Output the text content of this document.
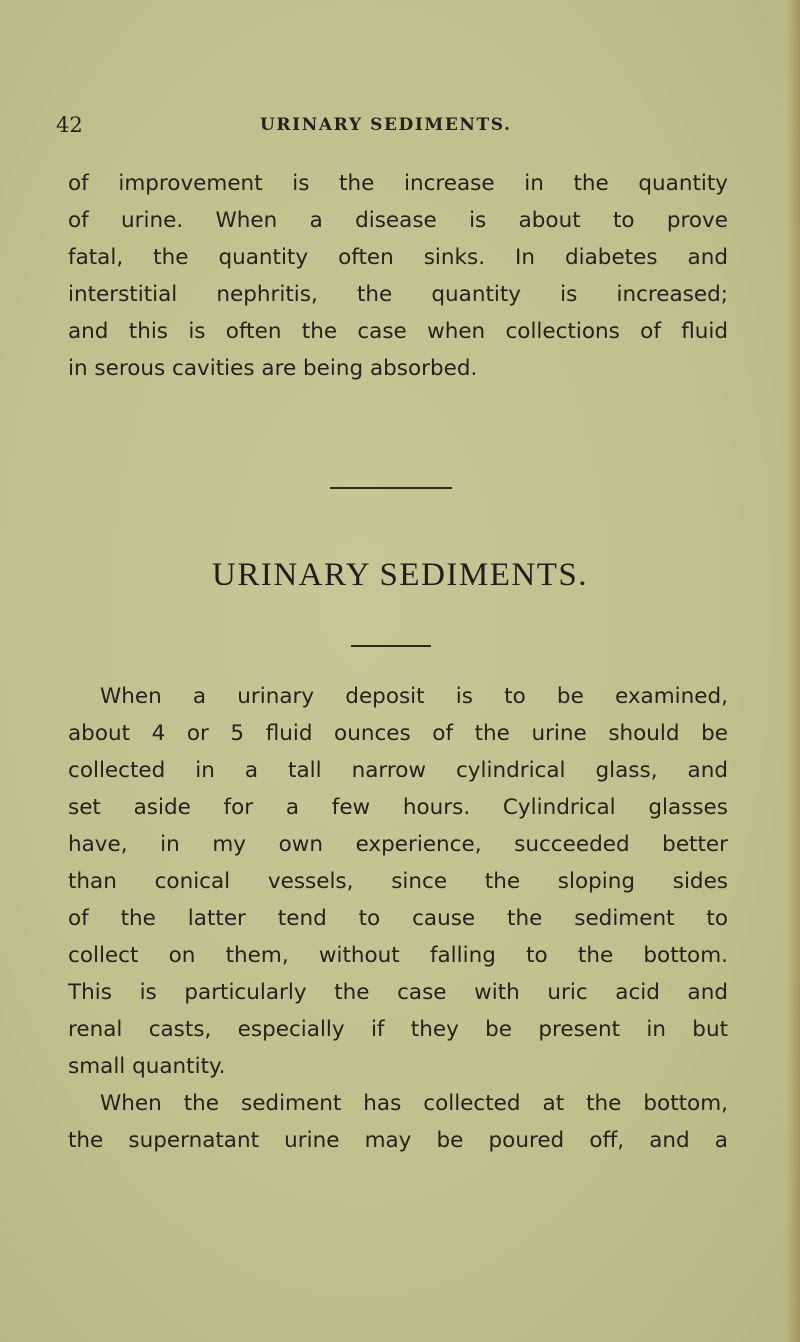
42	URINARY SEDIMENTS.
of improvement is the increase in the quantity
of urine. When a disease is about to prove
fatal, the quantity often sinks. In diabetes and
interstitial nephritis, the quantity is increased;
and this is often the case when collections of fluid
in serous cavities are being absorbed.
URINARY SEDIMENTS.
When a urinary deposit is to be examined,
about 4 or 5 fluid ounces of the urine should be
collected in a tall narrow cylindrical glass, and
set aside for a few hours. Cylindrical glasses
have, in my own experience, succeeded better
than conical vessels, since the sloping sides
of the latter tend to cause the sediment to
collect on them, without falling to the bottom.
This is particularly the case with uric acid and
renal casts, especially if they be present in but
small quantity.
When the sediment has collected at the bottom,
the supernatant urine may be poured off, and a
